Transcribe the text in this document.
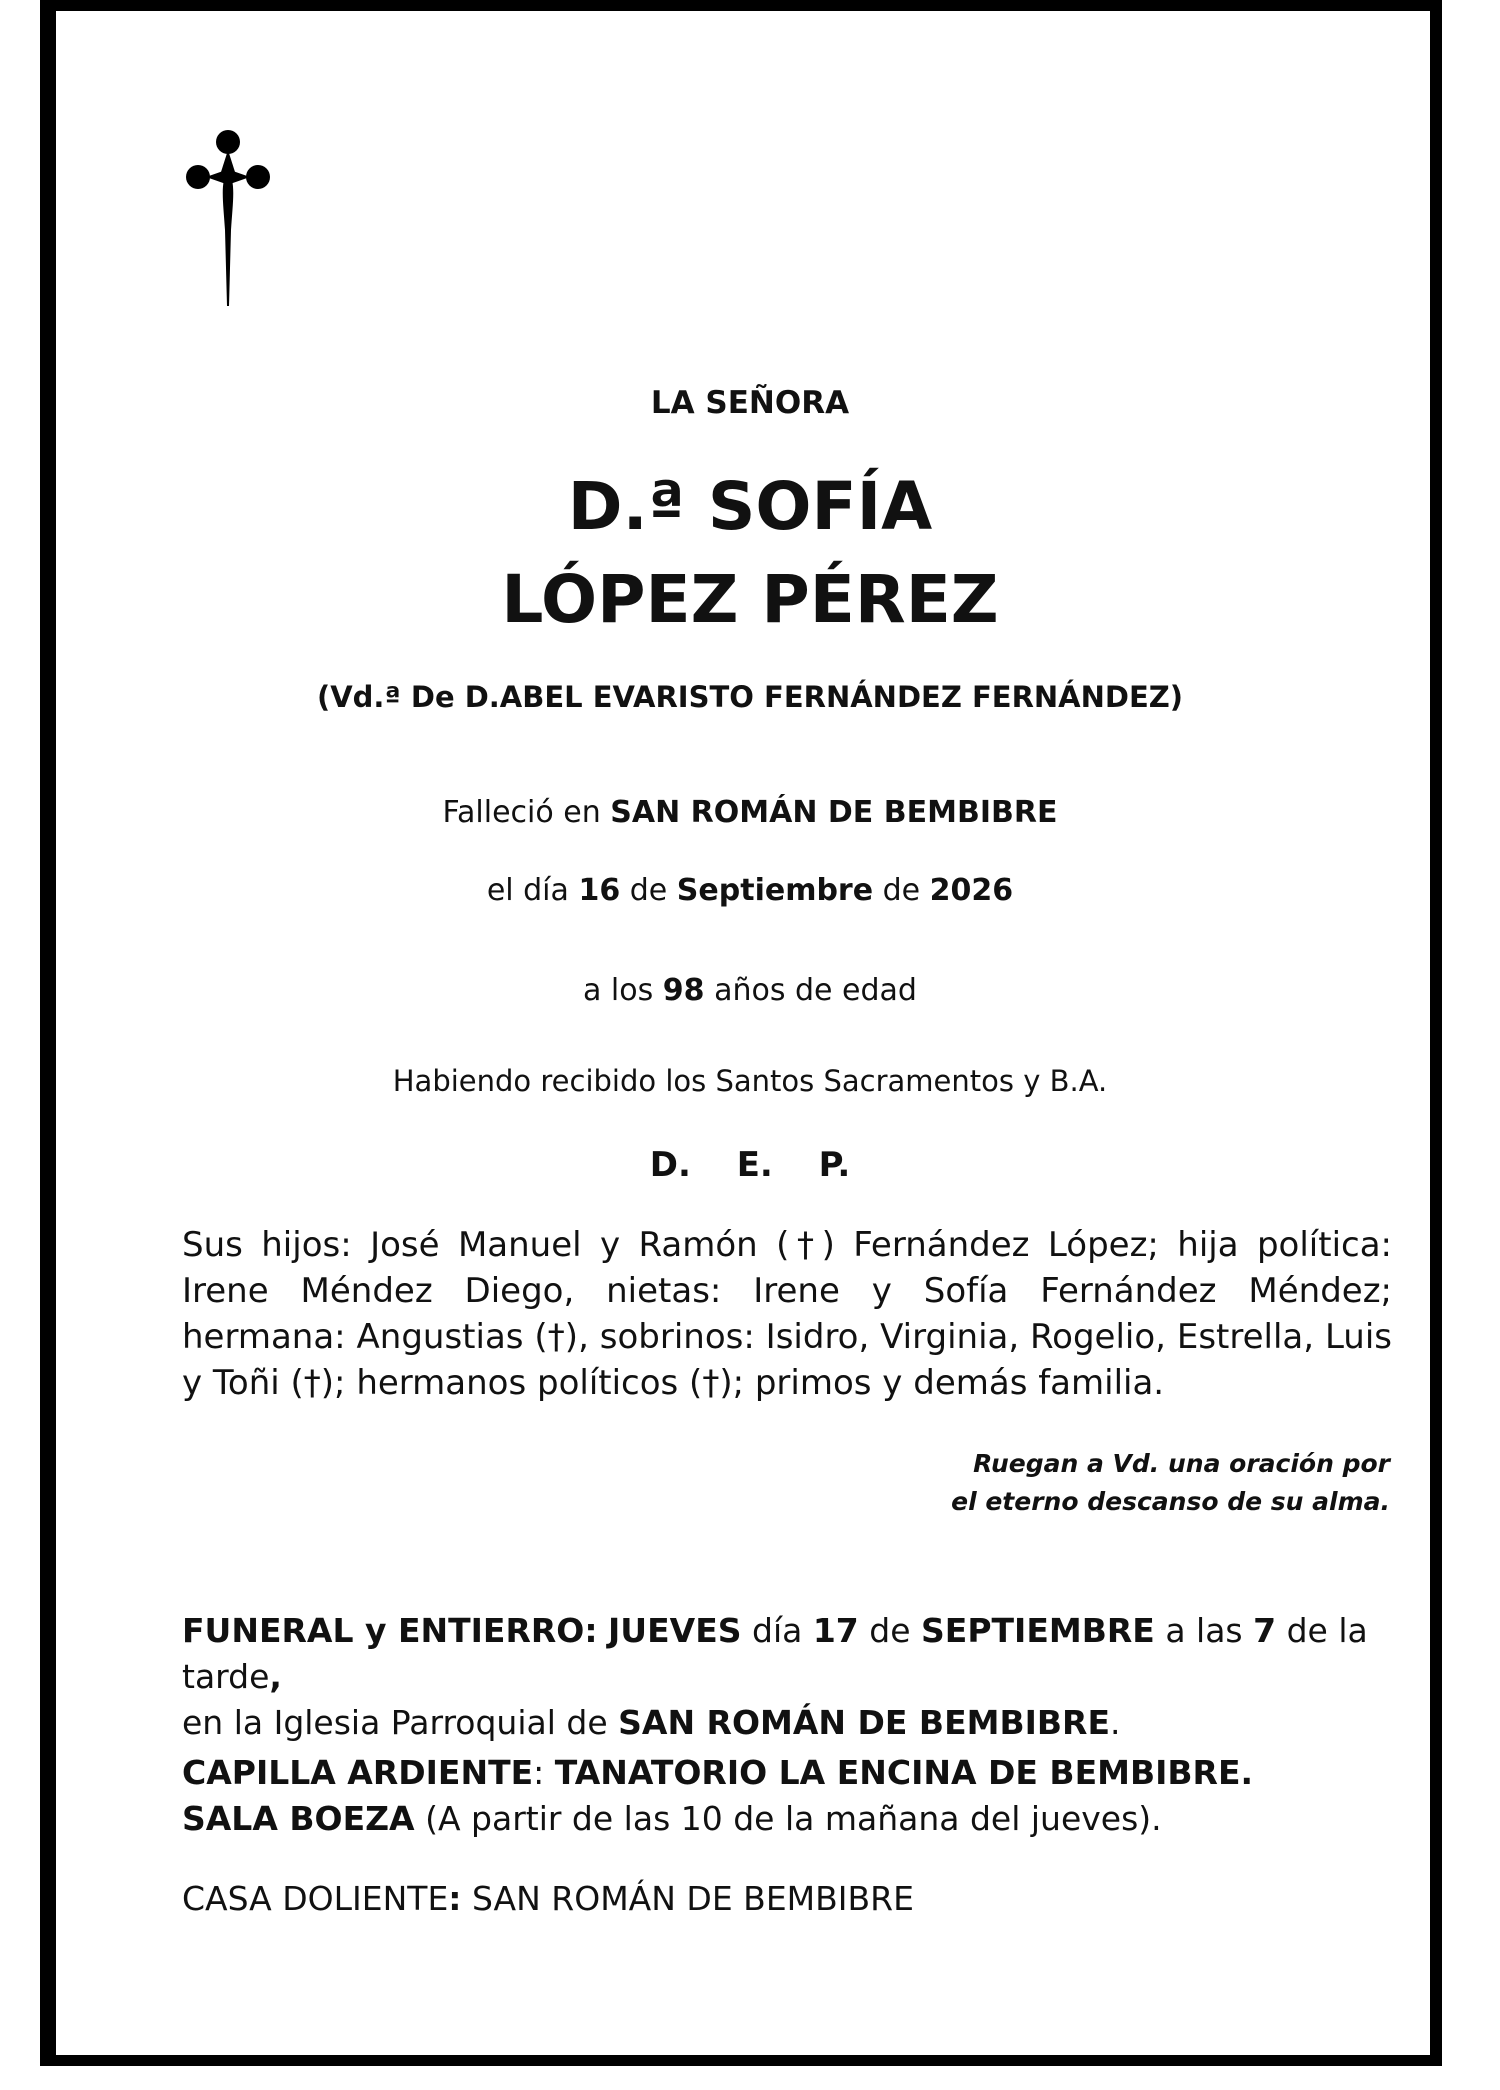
LA SEÑORA

D.ª SOFÍA

LÓPEZ PÉREZ

(Vd.ª De D.ABEL EVARISTO FERNÁNDEZ FERNÁNDEZ)

Falleció en SAN ROMÁN DE BEMBIBRE

el día 16 de Septiembre de 2026

a los 98 años de edad

Habiendo recibido los Santos Sacramentos y B.A.

D. E. P.

Sus hijos: José Manuel y Ramón (†) Fernández López; hija política: Irene Méndez Diego, nietas: Irene y Sofía Fernández Méndez; hermana: Angustias (†), sobrinos: Isidro, Virginia, Rogelio, Estrella, Luis y Toñi (†); hermanos políticos (†); primos y demás familia.

Ruegan a Vd. una oración por
el eterno descanso de su alma.

FUNERAL y ENTIERRO: JUEVES día 17 de SEPTIEMBRE a las 7 de la tarde,
en la Iglesia Parroquial de SAN ROMÁN DE BEMBIBRE.

CAPILLA ARDIENTE: TANATORIO LA ENCINA DE BEMBIBRE.
SALA BOEZA (A partir de las 10 de la mañana del jueves).

CASA DOLIENTE: SAN ROMÁN DE BEMBIBRE
